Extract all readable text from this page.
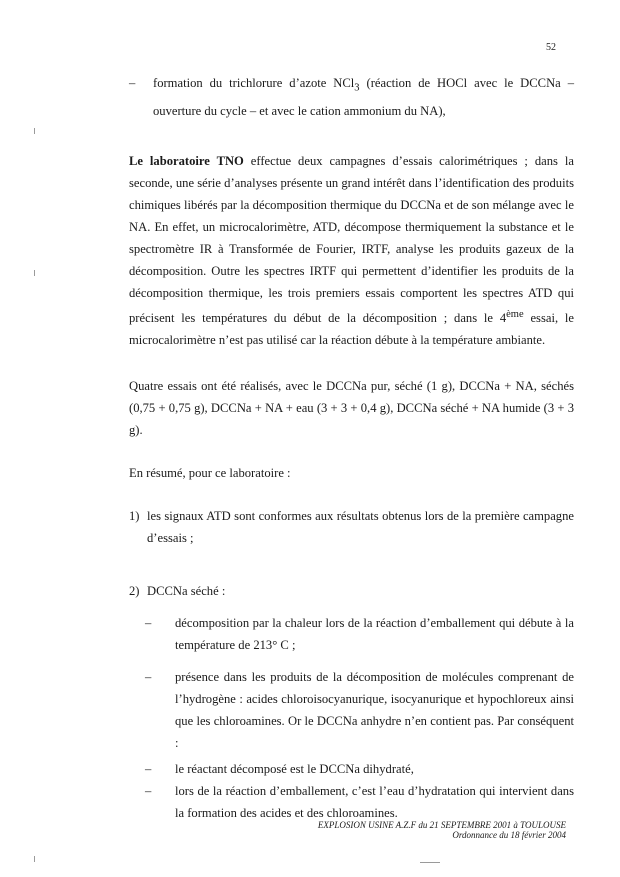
52
– formation du trichlorure d’azote NCl$_3$ (réaction de HOCl avec le DCCNa – ouverture du cycle – et avec le cation ammonium du NA),

Le laboratoire TNO effectue deux campagnes d’essais calorimétriques ; dans la seconde, une série d’analyses présente un grand intérêt dans l’identification des produits chimiques libérés par la décomposition thermique du DCCNa et de son mélange avec le NA. En effet, un microcalorimètre, ATD, décompose thermiquement la substance et le spectromètre IR à Transformée de Fourier, IRTF, analyse les produits gazeux de la décomposition. Outre les spectres IRTF qui permettent d’identifier les produits de la décomposition thermique, les trois premiers essais comportent les spectres ATD qui précisent les températures du début de la décomposition ; dans le 4ème essai, le microcalorimètre n’est pas utilisé car la réaction débute à la température ambiante.

Quatre essais ont été réalisés, avec le DCCNa pur, séché (1 g), DCCNa + NA, séchés (0,75 + 0,75 g), DCCNa + NA + eau (3 + 3 + 0,4 g), DCCNa séché + NA humide (3 + 3 g).

En résumé, pour ce laboratoire :

1) les signaux ATD sont conformes aux résultats obtenus lors de la première campagne d’essais ;
2) DCCNa séché :
– décomposition par la chaleur lors de la réaction d’emballement qui débute à la température de 213° C ;
– présence dans les produits de la décomposition de molécules comprenant de l’hydrogène : acides chloroisocyanurique, isocyanurique et hypochloreux ainsi que les chloroamines. Or le DCCNa anhydre n’en contient pas. Par conséquent :
– le réactant décomposé est le DCCNa dihydraté,
– lors de la réaction d’emballement, c’est l’eau d’hydratation qui intervient dans la formation des acides et des chloroamines.
EXPLOSION USINE A.Z.F du 21 SEPTEMBRE 2001 à TOULOUSE
Ordonnance du 18 février 2004
